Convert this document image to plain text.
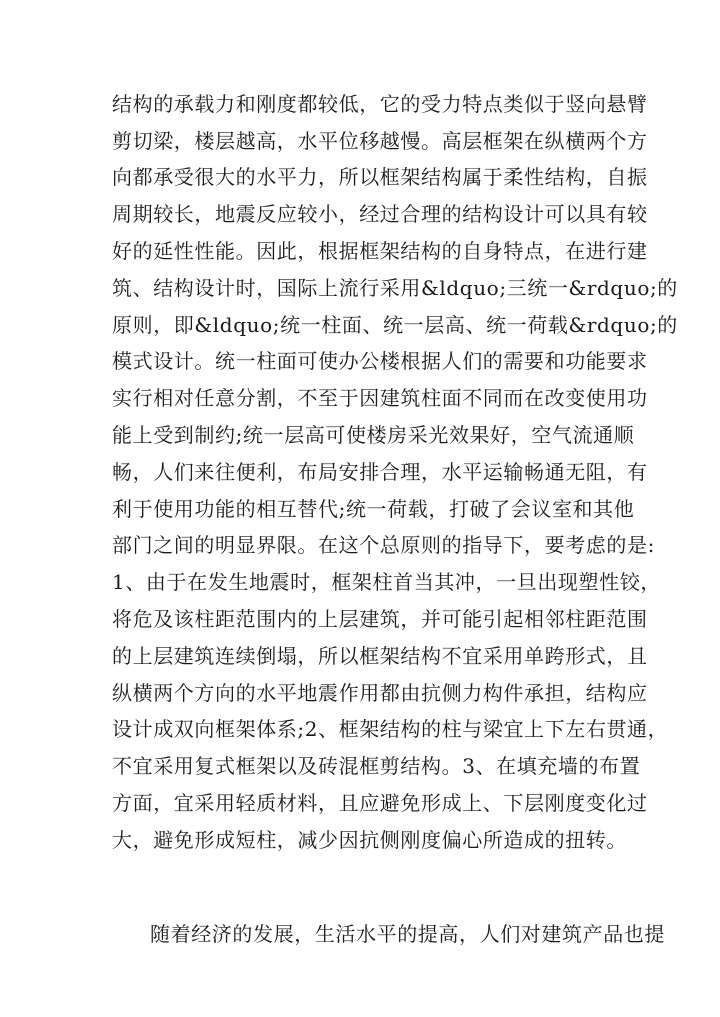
结构的承载力和刚度都较低，它的受力特点类似于竖向悬臂
剪切梁，楼层越高，水平位移越慢。高层框架在纵横两个方
向都承受很大的水平力，所以框架结构属于柔性结构，自振
周期较长，地震反应较小，经过合理的结构设计可以具有较
好的延性性能。因此，根据框架结构的自身特点，在进行建
筑、结构设计时，国际上流行采用&ldquo;三统一&rdquo;的
原则，即&ldquo;统一柱面、统一层高、统一荷载&rdquo;的
模式设计。统一柱面可使办公楼根据人们的需要和功能要求
实行相对任意分割，不至于因建筑柱面不同而在改变使用功
能上受到制约;统一层高可使楼房采光效果好，空气流通顺
畅，人们来往便利，布局安排合理，水平运输畅通无阻，有
利于使用功能的相互替代;统一荷载，打破了会议室和其他
部门之间的明显界限。在这个总原则的指导下，要考虑的是:
1、由于在发生地震时，框架柱首当其冲，一旦出现塑性铰，
将危及该柱距范围内的上层建筑，并可能引起相邻柱距范围
的上层建筑连续倒塌，所以框架结构不宜采用单跨形式，且
纵横两个方向的水平地震作用都由抗侧力构件承担，结构应
设计成双向框架体系;2、框架结构的柱与梁宜上下左右贯通，
不宜采用复式框架以及砖混框剪结构。3、在填充墙的布置
方面，宜采用轻质材料，且应避免形成上、下层刚度变化过
大，避免形成短柱，减少因抗侧刚度偏心所造成的扭转。
随着经济的发展，生活水平的提高，人们对建筑产品也提
